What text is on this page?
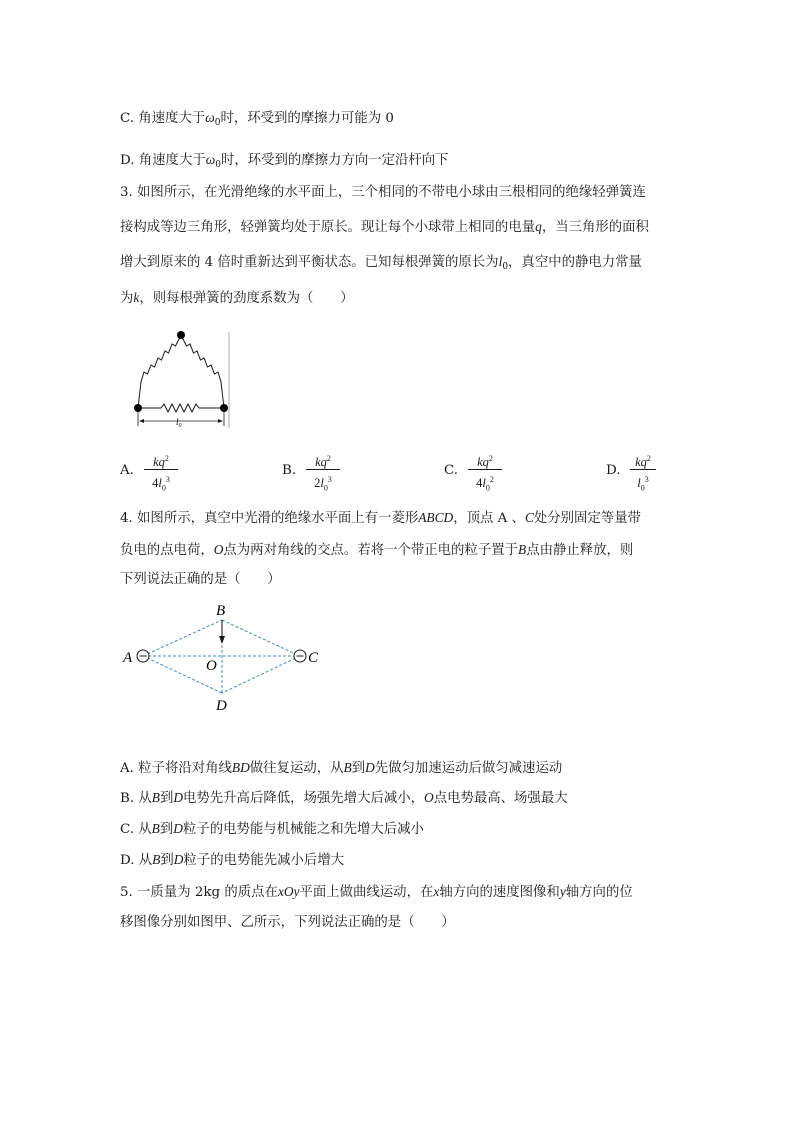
C. 角速度大于$\omega_0$时，环受到的摩擦力可能为 0
D. 角速度大于$\omega_0$时，环受到的摩擦力方向一定沿杆向下
3. 如图所示，在光滑绝缘的水平面上，三个相同的不带电小球由三根相同的绝缘轻弹簧连
接构成等边三角形，轻弹簧均处于原长。现让每个小球带上相同的电量q，当三角形的面积
增大到原来的 4 倍时重新达到平衡状态。已知每根弹簧的原长为$l_0$，真空中的静电力常量
为k，则每根弹簧的劲度系数为（　　）
$l_0$
A.
$kq^2$
$4l_0^3$
B.
$kq^2$
$2l_0^3$
C.
$kq^2$
$4l_0^2$
D.
$kq^2$
$l_0^3$
4. 如图所示，真空中光滑的绝缘水平面上有一菱形ABCD，顶点 A 、C处分别固定等量带
负电的点电荷，O点为两对角线的交点。若将一个带正电的粒子置于B点由静止释放，则
下列说法正确的是（　　）
B
A	C
O
D
A. 粒子将沿对角线BD做往复运动，从B到D先做匀加速运动后做匀减速运动
B. 从B到D电势先升高后降低，场强先增大后减小，O点电势最高、场强最大
C. 从B到D粒子的电势能与机械能之和先增大后减小
D. 从B到D粒子的电势能先减小后增大
5. 一质量为 2kg 的质点在xOy平面上做曲线运动，在x轴方向的速度图像和y轴方向的位
移图像分别如图甲、乙所示，下列说法正确的是（　　）
